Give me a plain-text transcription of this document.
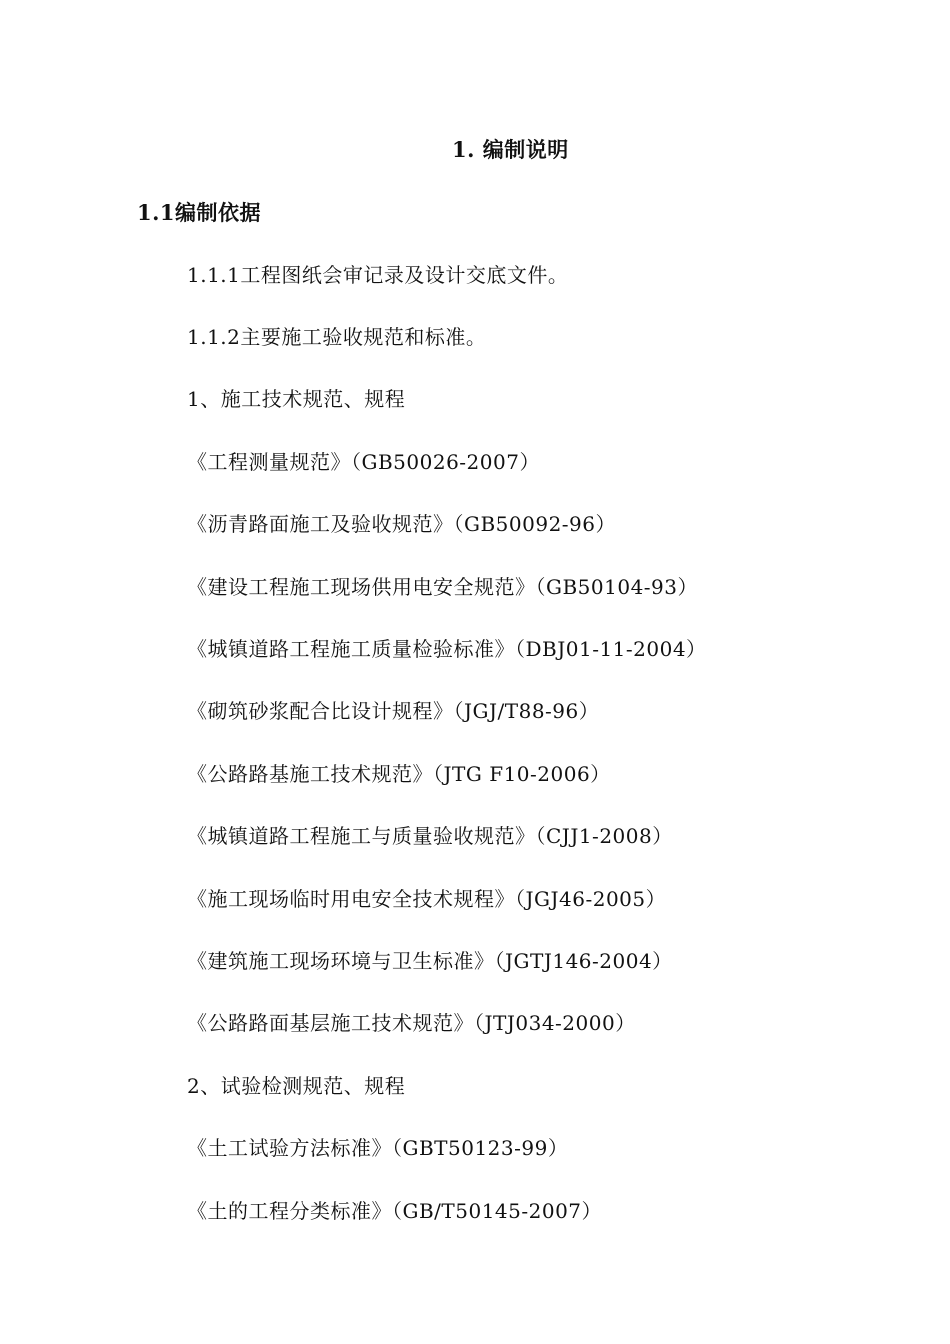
1. 编制说明
1.1编制依据
1.1.1工程图纸会审记录及设计交底文件。
1.1.2主要施工验收规范和标准。
1、施工技术规范、规程
《工程测量规范》（GB50026-2007）
《沥青路面施工及验收规范》（GB50092-96）
《建设工程施工现场供用电安全规范》（GB50104-93）
《城镇道路工程施工质量检验标准》（DBJ01-11-2004）
《砌筑砂浆配合比设计规程》（JGJ/T88-96）
《公路路基施工技术规范》（JTG F10-2006）
《城镇道路工程施工与质量验收规范》（CJJ1-2008）
《施工现场临时用电安全技术规程》（JGJ46-2005）
《建筑施工现场环境与卫生标准》（JGTJ146-2004）
《公路路面基层施工技术规范》（JTJ034-2000）
2、试验检测规范、规程
《土工试验方法标准》（GBT50123-99）
《土的工程分类标准》（GB/T50145-2007）
